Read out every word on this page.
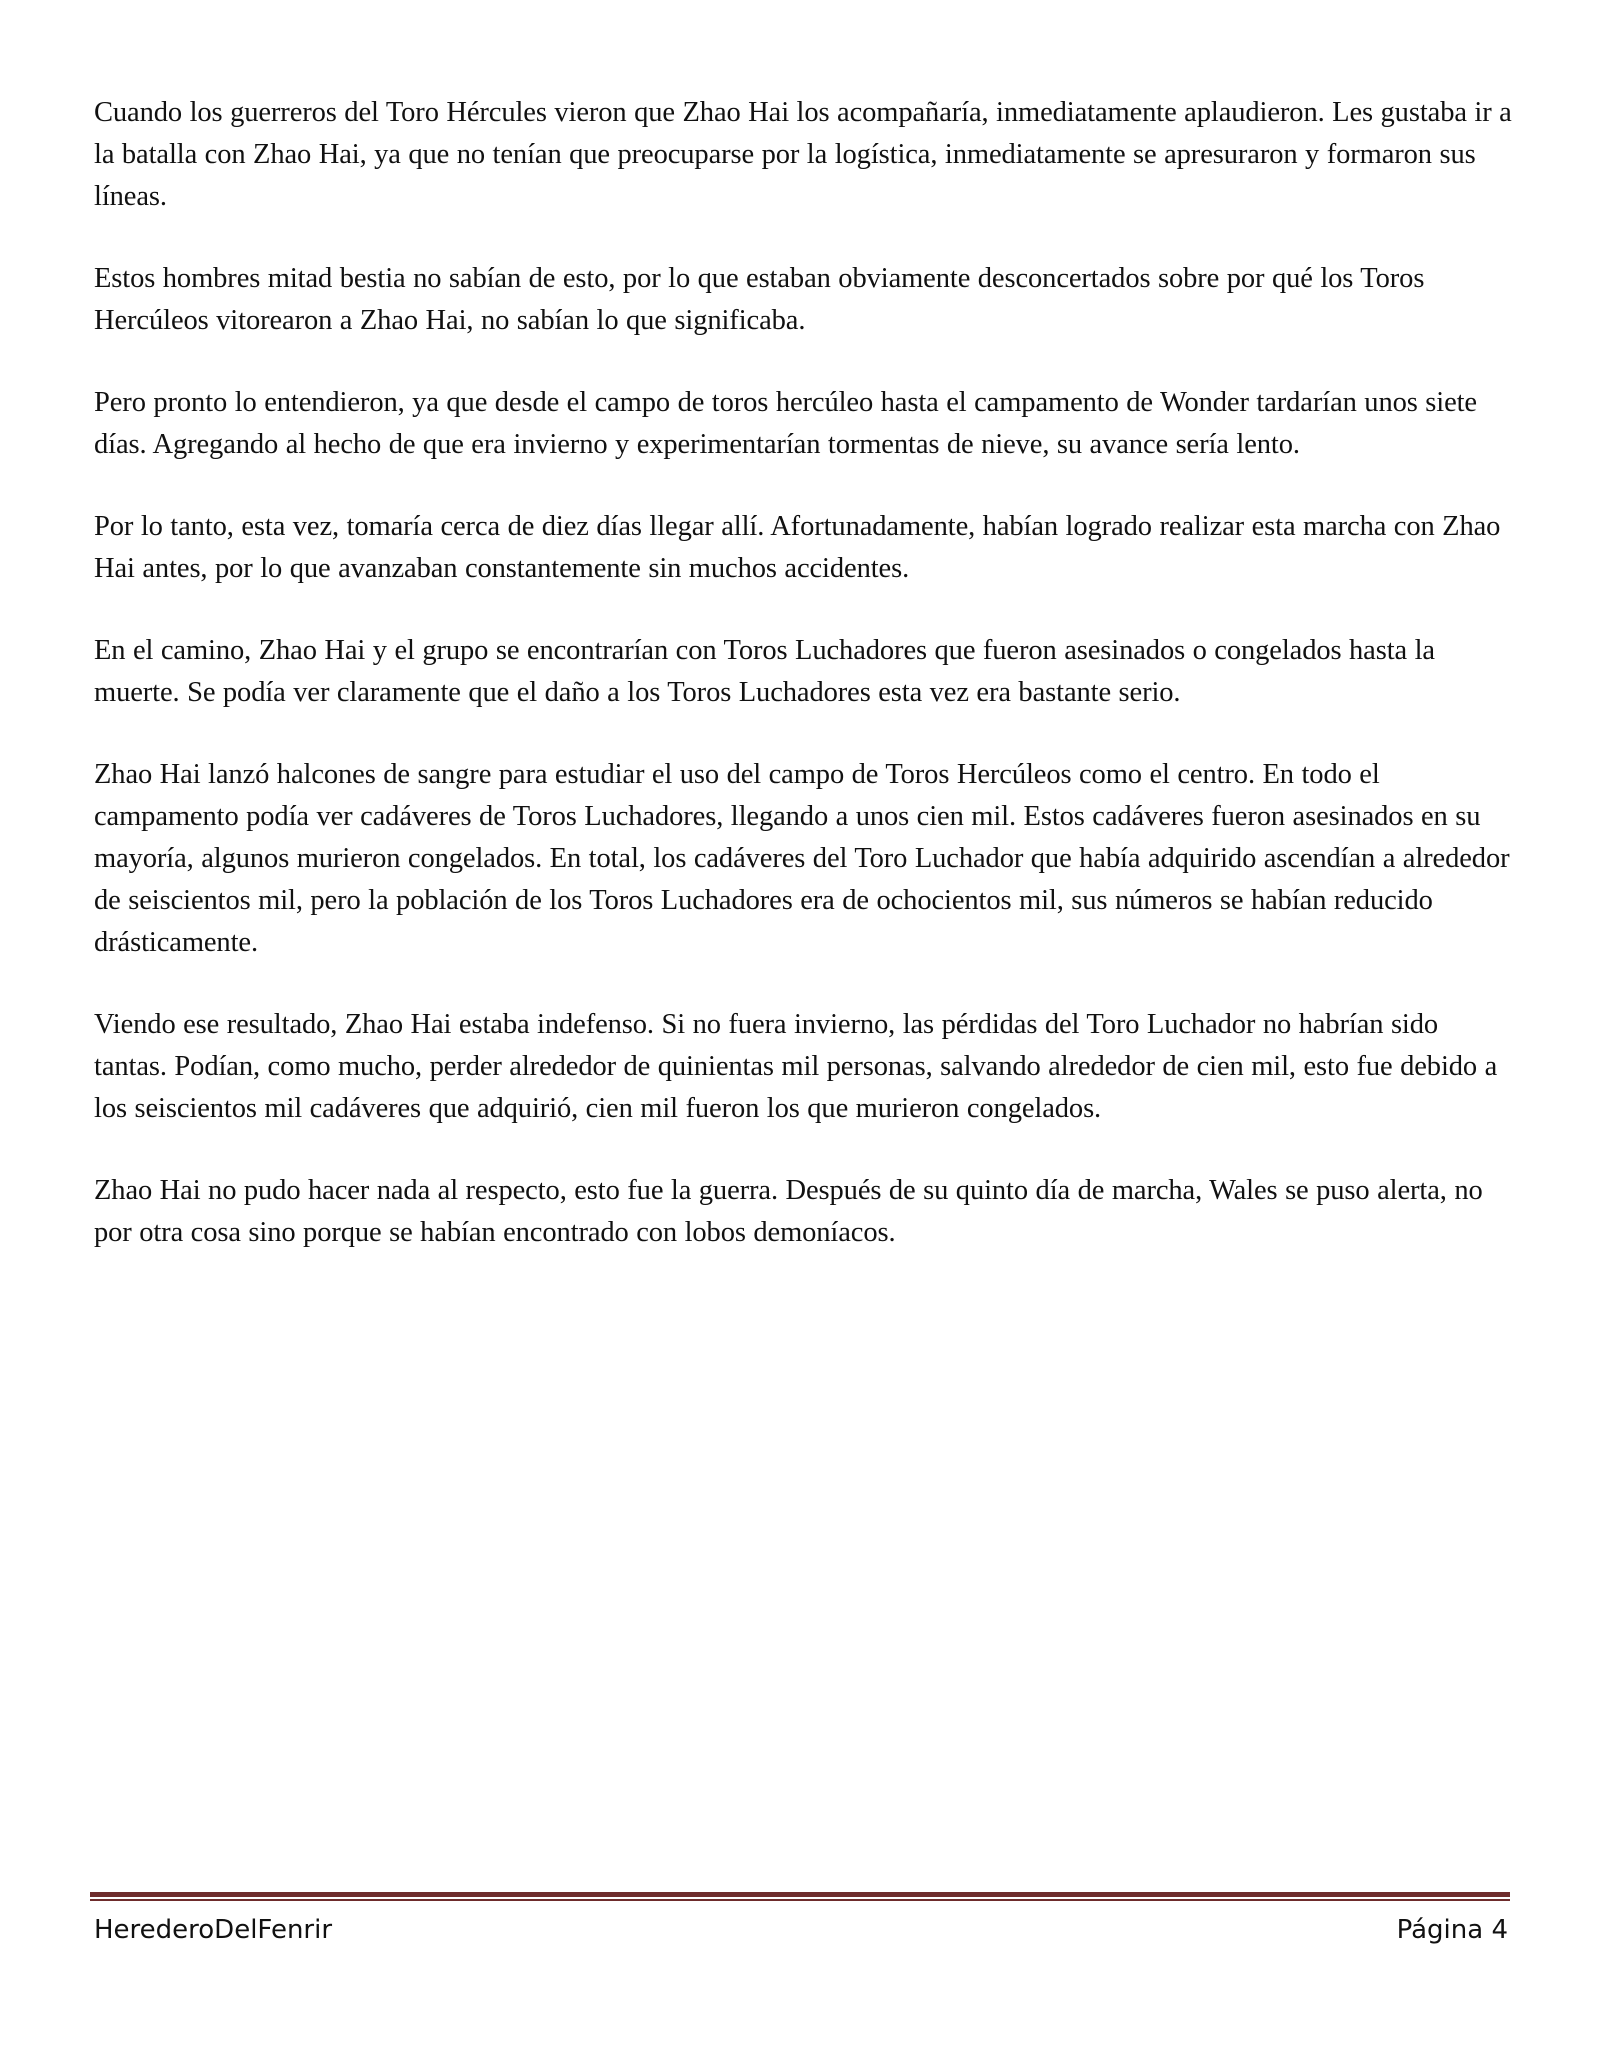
Cuando los guerreros del Toro Hércules vieron que Zhao Hai los acompañaría, inmediatamente aplaudieron. Les gustaba ir a la batalla con Zhao Hai, ya que no tenían que preocuparse por la logística, inmediatamente se apresuraron y formaron sus líneas.

Estos hombres mitad bestia no sabían de esto, por lo que estaban obviamente desconcertados sobre por qué los Toros Hercúleos vitorearon a Zhao Hai, no sabían lo que significaba.

Pero pronto lo entendieron, ya que desde el campo de toros hercúleo hasta el campamento de Wonder tardarían unos siete días. Agregando al hecho de que era invierno y experimentarían tormentas de nieve, su avance sería lento.

Por lo tanto, esta vez, tomaría cerca de diez días llegar allí. Afortunadamente, habían logrado realizar esta marcha con Zhao Hai antes, por lo que avanzaban constantemente sin muchos accidentes.

En el camino, Zhao Hai y el grupo se encontrarían con Toros Luchadores que fueron asesinados o congelados hasta la muerte. Se podía ver claramente que el daño a los Toros Luchadores esta vez era bastante serio.

Zhao Hai lanzó halcones de sangre para estudiar el uso del campo de Toros Hercúleos como el centro. En todo el campamento podía ver cadáveres de Toros Luchadores, llegando a unos cien mil. Estos cadáveres fueron asesinados en su mayoría, algunos murieron congelados. En total, los cadáveres del Toro Luchador que había adquirido ascendían a alrededor de seiscientos mil, pero la población de los Toros Luchadores era de ochocientos mil, sus números se habían reducido drásticamente.

Viendo ese resultado, Zhao Hai estaba indefenso. Si no fuera invierno, las pérdidas del Toro Luchador no habrían sido tantas. Podían, como mucho, perder alrededor de quinientas mil personas, salvando alrededor de cien mil, esto fue debido a los seiscientos mil cadáveres que adquirió, cien mil fueron los que murieron congelados.

Zhao Hai no pudo hacer nada al respecto, esto fue la guerra. Después de su quinto día de marcha, Wales se puso alerta, no por otra cosa sino porque se habían encontrado con lobos demoníacos.

HerederoDelFenrir	Página 4
